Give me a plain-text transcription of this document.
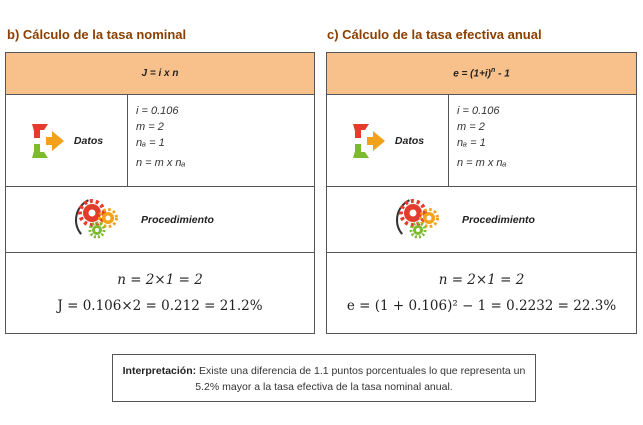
b) Cálculo de la tasa nominal
J = i x n
Datos
i = 0.106
m = 2
nₐ = 1
n = m x nₐ
Procedimiento
n = 2×1 = 2
J = 0.106×2 = 0.212 = 21.2%
c) Cálculo de la tasa efectiva anual
$e = (1+i)^n - 1$
Datos
i = 0.106
m = 2
nₐ = 1
n = m x nₐ
Procedimiento
n = 2×1 = 2
e = (1 + 0.106)² − 1 = 0.2232 = 22.3%
Interpretación: Existe una diferencia de 1.1 puntos porcentuales lo que representa un 5.2% mayor a la tasa efectiva de la tasa nominal anual.
